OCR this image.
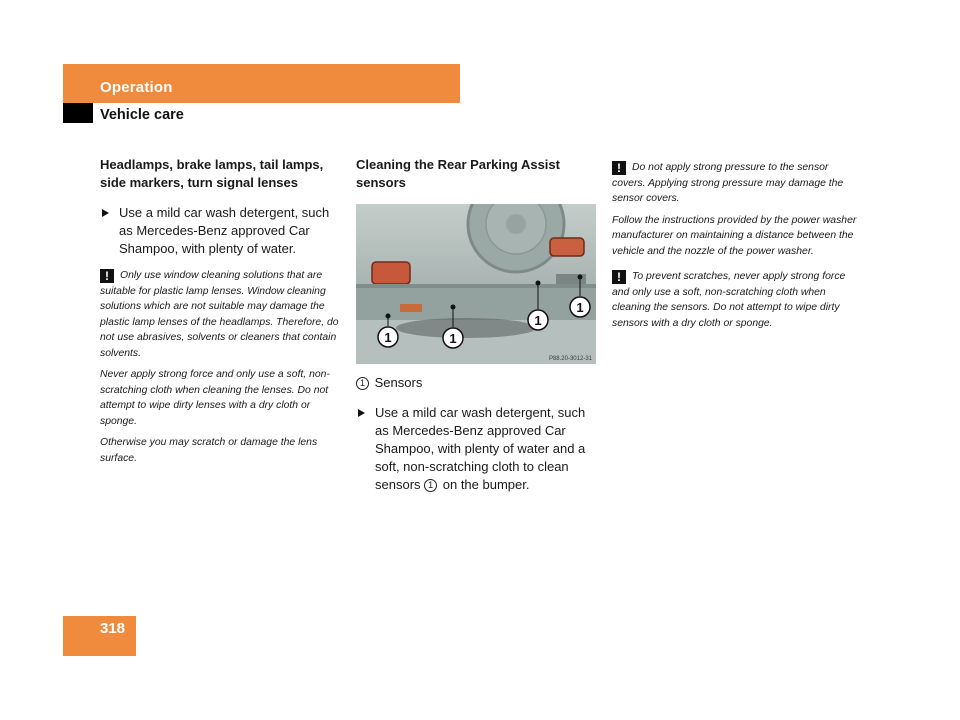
Operation
Vehicle care
Headlamps, brake lamps, tail lamps, side markers, turn signal lenses
Use a mild car wash detergent, such as Mercedes-Benz approved Car Shampoo, with plenty of water.

! Only use window cleaning solutions that are suitable for plastic lamp lenses. Window cleaning solutions which are not suitable may damage the plastic lamp lenses of the headlamps. Therefore, do not use abrasives, solvents or cleaners that contain solvents.

Never apply strong force and only use a soft, non-scratching cloth when cleaning the lenses. Do not attempt to wipe dirty lenses with a dry cloth or sponge.

Otherwise you may scratch or damage the lens surface.

Cleaning the Rear Parking Assist sensors
1	1
1
1
P88.20-3012-31
1 Sensors
Use a mild car wash detergent, such as Mercedes-Benz approved Car Shampoo, with plenty of water and a soft, non-scratching cloth to clean sensors 1 on the bumper.

! Do not apply strong pressure to the sensor covers. Applying strong pressure may damage the sensor covers.

Follow the instructions provided by the power washer manufacturer on maintaining a distance between the vehicle and the nozzle of the power washer.

! To prevent scratches, never apply strong force and only use a soft, non-scratching cloth when cleaning the sensors. Do not attempt to wipe dirty sensors with a dry cloth or sponge.

318
